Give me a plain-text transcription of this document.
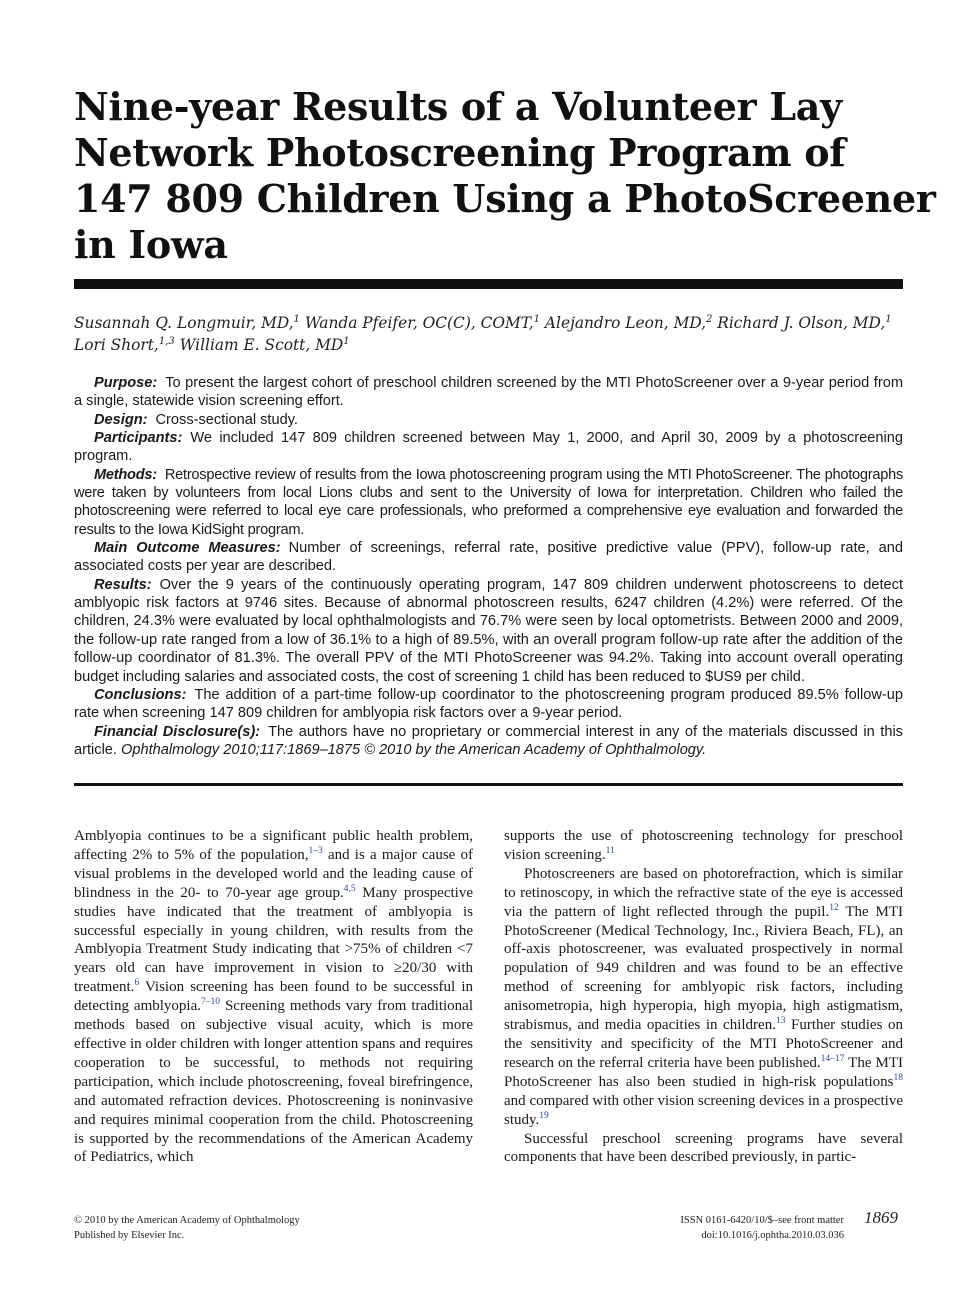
Nine-year Results of a Volunteer Lay
Network Photoscreening Program of
147 809 Children Using a PhotoScreener
in Iowa
Susannah Q. Longmuir, MD,$^1$ Wanda Pfeifer, OC(C), COMT,$^1$ Alejandro Leon, MD,$^2$ Richard J. Olson, MD,$^1$
Lori Short,$^{1,3}$ William E. Scott, $MD^1$

Purpose: To present the largest cohort of preschool children screened by the MTI PhotoScreener over a 9-year period from a single, statewide vision screening effort.

Design: Cross-sectional study.

Participants: We included 147 809 children screened between May 1, 2000, and April 30, 2009 by a photoscreening program.

Methods: Retrospective review of results from the Iowa photoscreening program using the MTI PhotoScreener. The photographs were taken by volunteers from local Lions clubs and sent to the University of Iowa for interpretation. Children who failed the photoscreening were referred to local eye care professionals, who preformed a comprehensive eye evaluation and forwarded the results to the Iowa KidSight program.

Main Outcome Measures: Number of screenings, referral rate, positive predictive value (PPV), follow-up rate, and associated costs per year are described.

Results: Over the 9 years of the continuously operating program, 147 809 children underwent photoscreens to detect amblyopic risk factors at 9746 sites. Because of abnormal photoscreen results, 6247 children (4.2%) were referred. Of the children, 24.3% were evaluated by local ophthalmologists and 76.7% were seen by local optometrists. Between 2000 and 2009, the follow-up rate ranged from a low of 36.1% to a high of 89.5%, with an overall program follow-up rate after the addition of the follow-up coordinator of 81.3%. The overall PPV of the MTI PhotoScreener was 94.2%. Taking into account overall operating budget including salaries and associated costs, the cost of screening 1 child has been reduced to $US9 per child.

Conclusions: The addition of a part-time follow-up coordinator to the photoscreening program produced 89.5% follow-up rate when screening 147 809 children for amblyopia risk factors over a 9-year period.

Financial Disclosure(s): The authors have no proprietary or commercial interest in any of the materials discussed in this article. Ophthalmology 2010;117:1869–1875 © 2010 by the American Academy of Ophthalmology.

Amblyopia continues to be a significant public health problem, affecting 2% to 5% of the population,$^{1-3}$ and is a major cause of visual problems in the developed world and the leading cause of blindness in the 20- to 70-year age group.$^{4,5}$ Many prospective studies have indicated that the treatment of amblyopia is successful especially in young children, with results from the Amblyopia Treatment Study indicating that >75% of children <7 years old can have improvement in vision to ≥20/30 with treatment.$^6$ Vision screening has been found to be successful in detecting amblyopia.$^{7-10}$ Screening methods vary from traditional methods based on subjective visual acuity, which is more effective in older children with longer attention spans and requires cooperation to be successful, to methods not requiring participation, which include photoscreening, foveal birefringence, and automated refraction devices. Photoscreening is noninvasive and requires minimal cooperation from the child. Photoscreening is supported by the recommendations of the American Academy of Pediatrics, which

supports the use of photoscreening technology for preschool vision screening.$^{11}$

Photoscreeners are based on photorefraction, which is similar to retinoscopy, in which the refractive state of the eye is accessed via the pattern of light reflected through the pupil.$^{12}$ The MTI PhotoScreener (Medical Technology, Inc., Riviera Beach, FL), an off-axis photoscreener, was evaluated prospectively in normal population of 949 children and was found to be an effective method of screening for amblyopic risk factors, including anisometropia, high hyperopia, high myopia, high astigmatism, strabismus, and media opacities in children.$^{13}$ Further studies on the sensitivity and specificity of the MTI PhotoScreener and research on the referral criteria have been published.$^{14-17}$ The MTI PhotoScreener has also been studied in high-risk populations$^{18}$ and compared with other vision screening devices in a prospective study.$^{19}$

Successful preschool screening programs have several components that have been described previously, in partic-

© 2010 by the American Academy of Ophthalmology
Published by Elsevier Inc.
ISSN 0161-6420/10/$–see front matter
doi:10.1016/j.ophtha.2010.03.036
1869
